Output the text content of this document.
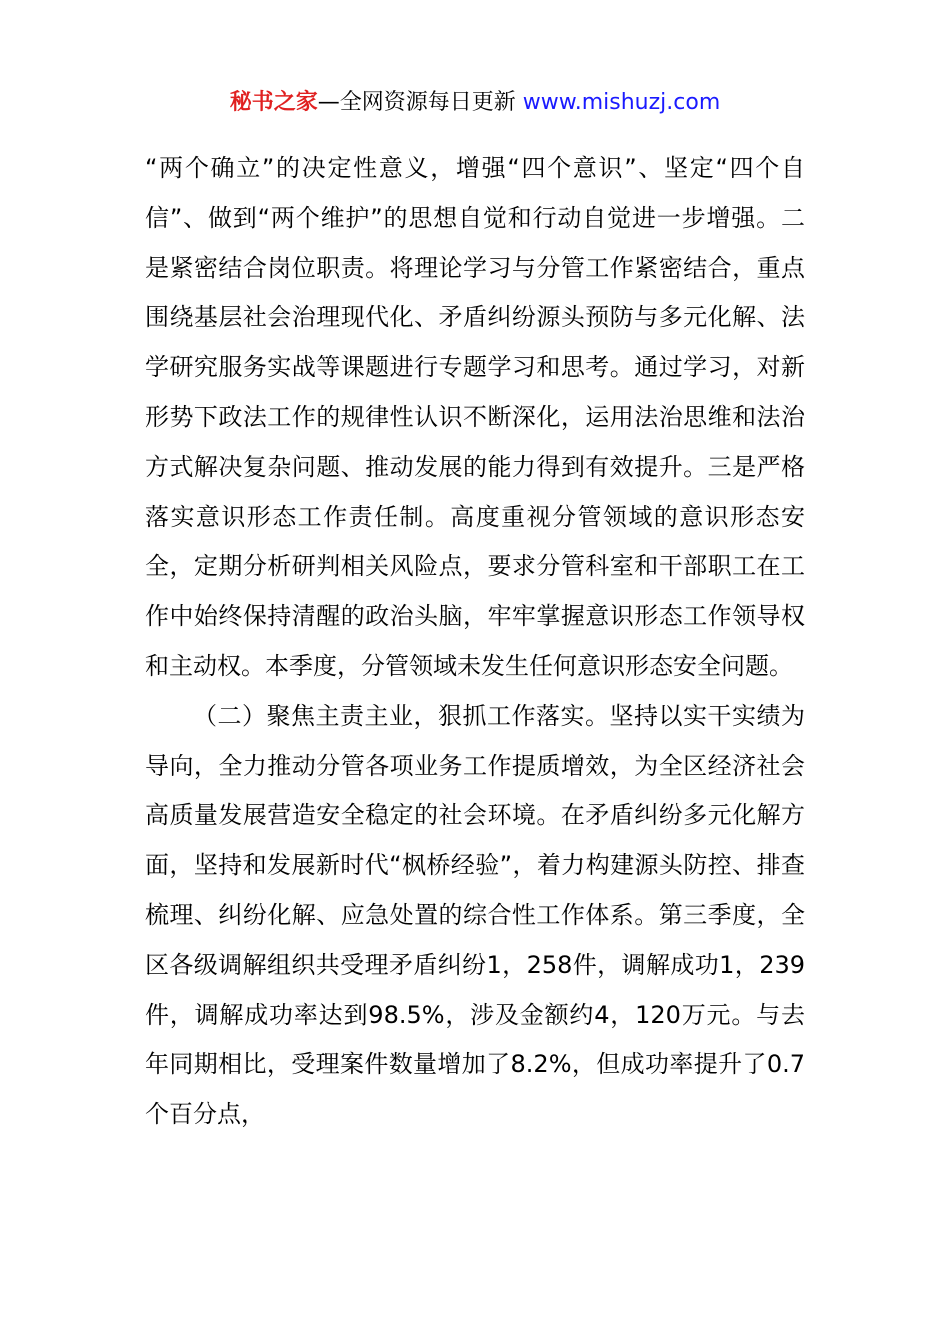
秘书之家—全网资源每日更新 www.mishuzj.com

“两个确立”的决定性意义，增强“四个意识”、坚定“四个自信”、做到“两个维护”的思想自觉和行动自觉进一步增强。二是紧密结合岗位职责。将理论学习与分管工作紧密结合，重点围绕基层社会治理现代化、矛盾纠纷源头预防与多元化解、法学研究服务实战等课题进行专题学习和思考。通过学习，对新形势下政法工作的规律性认识不断深化，运用法治思维和法治方式解决复杂问题、推动发展的能力得到有效提升。三是严格落实意识形态工作责任制。高度重视分管领域的意识形态安全，定期分析研判相关风险点，要求分管科室和干部职工在工作中始终保持清醒的政治头脑，牢牢掌握意识形态工作领导权和主动权。本季度，分管领域未发生任何意识形态安全问题。

（二）聚焦主责主业，狠抓工作落实。坚持以实干实绩为导向，全力推动分管各项业务工作提质增效，为全区经济社会高质量发展营造安全稳定的社会环境。在矛盾纠纷多元化解方面，坚持和发展新时代“枫桥经验”，着力构建源头防控、排查梳理、纠纷化解、应急处置的综合性工作体系。第三季度，全区各级调解组织共受理矛盾纠纷1，258件，调解成功1，239件，调解成功率达到98.5%，涉及金额约4，120万元。与去年同期相比，受理案件数量增加了8.2%，但成功率提升了0.7个百分点，
